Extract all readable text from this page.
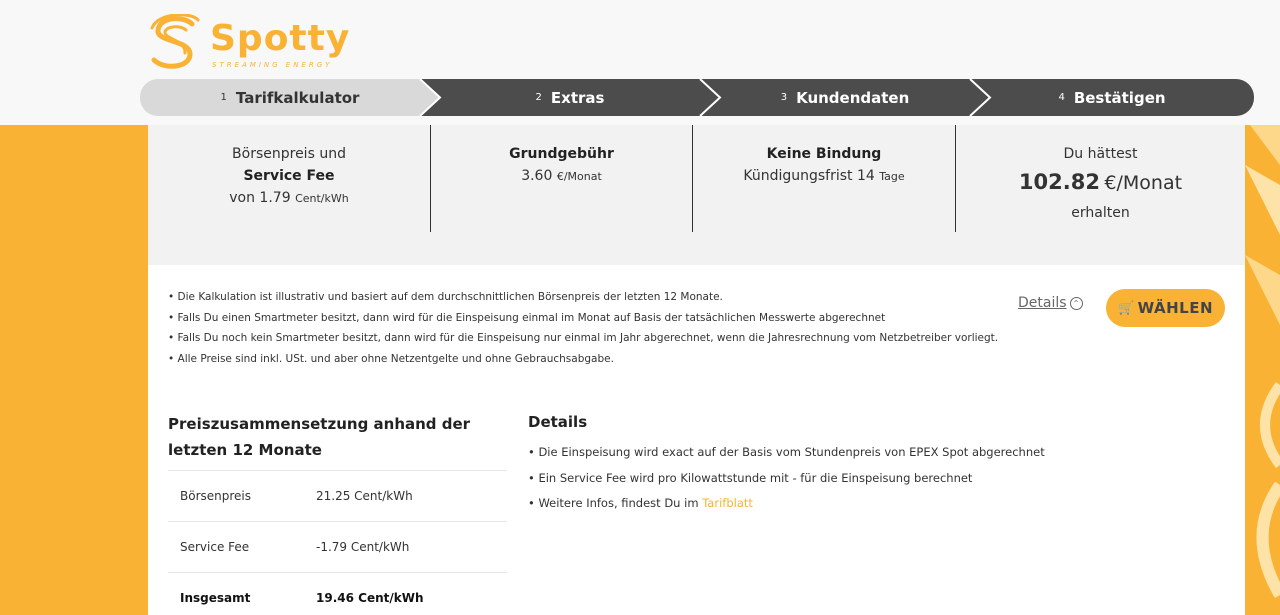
Spotty
STREAMING ENERGY
1 Tarifkalkulator	2 Extras	3 Kundendaten	4 Bestätigen
Börsenpreis und
Service Fee
von 1.79 Cent/kWh
Grundgebühr
3.60 €/Monat
Keine Bindung
Kündigungsfrist 14 Tage
Du hättest
102.82 €/Monat
erhalten
• Die Kalkulation ist illustrativ und basiert auf dem durchschnittlichen Börsenpreis der letzten 12 Monate.
• Falls Du einen Smartmeter besitzt, dann wird für die Einspeisung einmal im Monat auf Basis der tatsächlichen Messwerte abgerechnet
• Falls Du noch kein Smartmeter besitzt, dann wird für die Einspeisung nur einmal im Jahr abgerechnet, wenn die Jahresrechnung vom Netzbetreiber vorliegt.
• Alle Preise sind inkl. USt. und aber ohne Netzentgelte und ohne Gebrauchsabgabe.
Details ⌃	🛒 WÄHLEN
Preiszusammensetzung anhand der letzten 12 Monate
Börsenpreis	21.25 Cent/kWh
Service Fee	-1.79 Cent/kWh
Insgesamt	19.46 Cent/kWh
Details
• Die Einspeisung wird exact auf der Basis vom Stundenpreis von EPEX Spot abgerechnet
• Ein Service Fee wird pro Kilowattstunde mit - für die Einspeisung berechnet
• Weitere Infos, findest Du im Tarifblatt
